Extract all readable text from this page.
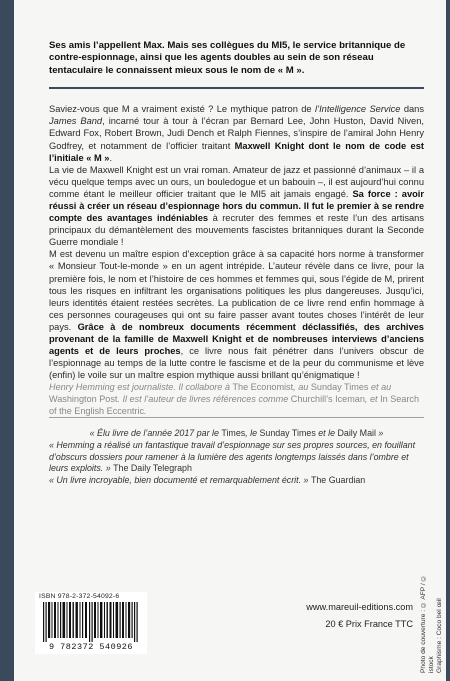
Ses amis l’appellent Max. Mais ses collègues du MI5, le service britannique de contre-espionnage, ainsi que les agents doubles au sein de son réseau tentaculaire le connaissent mieux sous le nom de « M ».

Saviez-vous que M a vraiment existé ? Le mythique patron de l’Intelligence Service dans James Band, incarné tour à tour à l’écran par Bernard Lee, John Huston, David Niven, Edward Fox, Robert Brown, Judi Dench et Ralph Fiennes, s’inspire de l’amiral John Henry Godfrey, et notamment de l’officier traitant Maxwell Knight dont le nom de code est l’initiale « M ».

La vie de Maxwell Knight est un vrai roman. Amateur de jazz et passionné d’animaux – il a vécu quelque temps avec un ours, un bouledogue et un babouin –, il est aujourd’hui connu comme étant le meilleur officier traitant que le MI5 ait jamais engagé. Sa force : avoir réussi à créer un réseau d’espionnage hors du commun. Il fut le premier à se rendre compte des avantages indéniables à recruter des femmes et reste l’un des artisans principaux du démantèlement des mouvements fascistes britanniques durant la Seconde Guerre mondiale !

M est devenu un maître espion d’exception grâce à sa capacité hors norme à transformer « Monsieur Tout-le-monde » en un agent intrépide. L’auteur révèle dans ce livre, pour la première fois, le nom et l’histoire de ces hommes et femmes qui, sous l’égide de M, prirent tous les risques en infiltrant les organisations politiques les plus dangereuses. Jusqu’ici, leurs identités étaient restées secrètes. La publication de ce livre rend enfin hommage à ces personnes courageuses qui ont su faire passer avant toutes choses l’intérêt de leur pays. Grâce à de nombreux documents récemment déclassifiés, des archives provenant de la famille de Maxwell Knight et de nombreuses interviews d’anciens agents et de leurs proches, ce livre nous fait pénétrer dans l’univers obscur de l’espionnage au temps de la lutte contre le fascisme et de la peur du communisme et lève (enfin) le voile sur un maître espion mythique aussi brillant qu’énigmatique !

Henry Hemming est journaliste. Il collabore à The Economist, au Sunday Times et au Washington Post. Il est l’auteur de livres références comme Churchill’s Iceman, et In Search of the English Eccentric.

« Élu livre de l’année 2017 par le Times, le Sunday Times et le Daily Mail »

« Hemming a réalisé un fantastique travail d’espionnage sur ses propres sources, en fouillant d’obscurs dossiers pour ramener à la lumière des agents longtemps laissés dans l’ombre et leurs exploits. » The Daily Telegraph

« Un livre incroyable, bien documenté et remarquablement écrit. » The Guardian

ISBN 978-2-372-54092-6
9 782372 540926
www.mareuil-editions.com
20 € Prix France TTC Photo de couverture : © AFP / © istock Graphisme : Coco bel œil
